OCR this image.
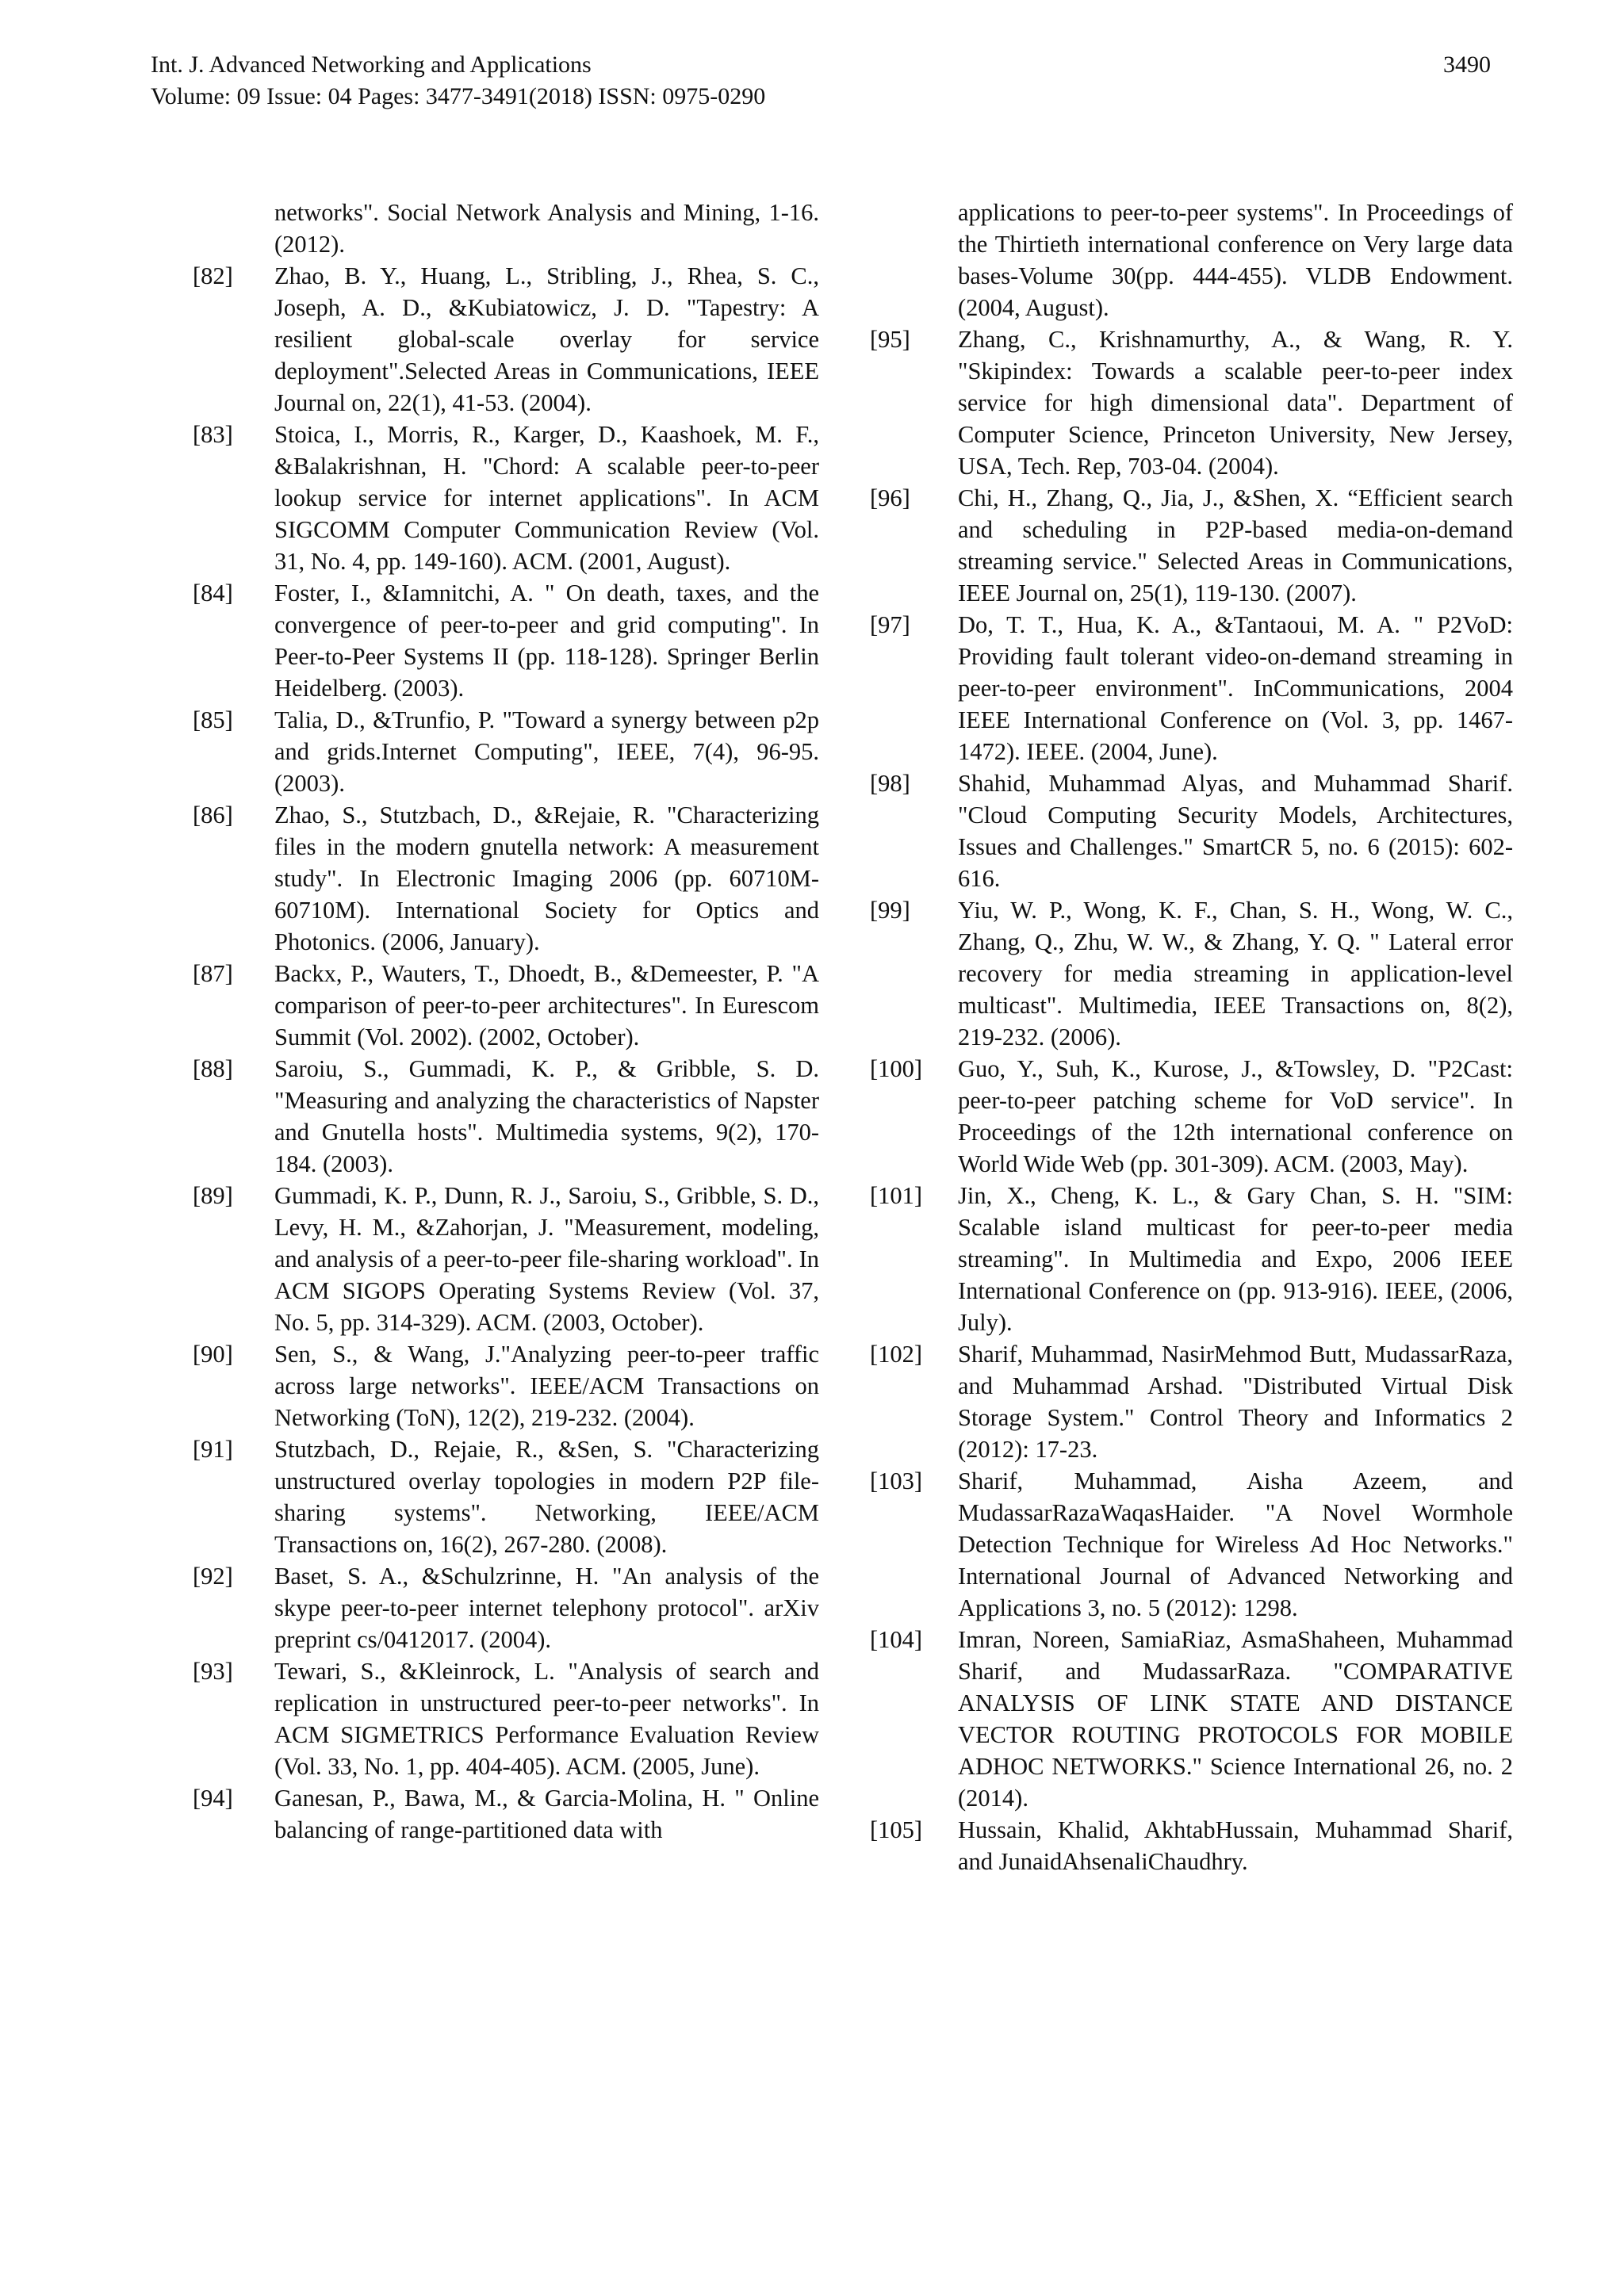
Int. J. Advanced Networking and Applications	3490
Volume: 09 Issue: 04 Pages: 3477-3491(2018) ISSN: 0975-0290
networks". Social Network Analysis and Mining, 1-16. (2012).
[82]	Zhao, B. Y., Huang, L., Stribling, J., Rhea, S. C., Joseph, A. D., &Kubiatowicz, J. D. "Tapestry: A resilient global-scale overlay for service deployment".Selected Areas in Communications, IEEE Journal on, 22(1), 41-53. (2004).
[83]	Stoica, I., Morris, R., Karger, D., Kaashoek, M. F., &Balakrishnan, H. "Chord: A scalable peer-to-peer lookup service for internet applications". In ACM SIGCOMM Computer Communication Review (Vol. 31, No. 4, pp. 149-160). ACM. (2001, August).
[84]	Foster, I., &Iamnitchi, A. " On death, taxes, and the convergence of peer-to-peer and grid computing". In Peer-to-Peer Systems II (pp. 118-128). Springer Berlin Heidelberg. (2003).
[85]	Talia, D., &Trunfio, P. "Toward a synergy between p2p and grids.Internet Computing", IEEE, 7(4), 96-95. (2003).
[86]	Zhao, S., Stutzbach, D., &Rejaie, R. "Characterizing files in the modern gnutella network: A measurement study". In Electronic Imaging 2006 (pp. 60710M-60710M). International Society for Optics and Photonics. (2006, January).
[87]	Backx, P., Wauters, T., Dhoedt, B., &Demeester, P. "A comparison of peer-to-peer architectures". In Eurescom Summit (Vol. 2002). (2002, October).
[88]	Saroiu, S., Gummadi, K. P., & Gribble, S. D. "Measuring and analyzing the characteristics of Napster and Gnutella hosts". Multimedia systems, 9(2), 170-184. (2003).
[89]	Gummadi, K. P., Dunn, R. J., Saroiu, S., Gribble, S. D., Levy, H. M., &Zahorjan, J. "Measurement, modeling, and analysis of a peer-to-peer file-sharing workload". In ACM SIGOPS Operating Systems Review (Vol. 37, No. 5, pp. 314-329). ACM. (2003, October).
[90]	Sen, S., & Wang, J."Analyzing peer-to-peer traffic across large networks". IEEE/ACM Transactions on Networking (ToN), 12(2), 219-232. (2004).
[91]	Stutzbach, D., Rejaie, R., &Sen, S. "Characterizing unstructured overlay topologies in modern P2P file-sharing systems". Networking, IEEE/ACM Transactions on, 16(2), 267-280. (2008).
[92]	Baset, S. A., &Schulzrinne, H. "An analysis of the skype peer-to-peer internet telephony protocol". arXiv preprint cs/0412017. (2004).
[93]	Tewari, S., &Kleinrock, L. "Analysis of search and replication in unstructured peer-to-peer networks". In ACM SIGMETRICS Performance Evaluation Review (Vol. 33, No. 1, pp. 404-405). ACM. (2005, June).
[94]	Ganesan, P., Bawa, M., & Garcia-Molina, H. " Online balancing of range-partitioned data with
applications to peer-to-peer systems". In Proceedings of the Thirtieth international conference on Very large data bases-Volume 30(pp. 444-455). VLDB Endowment. (2004, August).
[95]	Zhang, C., Krishnamurthy, A., & Wang, R. Y. "Skipindex: Towards a scalable peer-to-peer index service for high dimensional data". Department of Computer Science, Princeton University, New Jersey, USA, Tech. Rep, 703-04. (2004).
[96]	Chi, H., Zhang, Q., Jia, J., &Shen, X. “Efficient search and scheduling in P2P-based media-on-demand streaming service." Selected Areas in Communications, IEEE Journal on, 25(1), 119-130. (2007).
[97]	Do, T. T., Hua, K. A., &Tantaoui, M. A. " P2VoD: Providing fault tolerant video-on-demand streaming in peer-to-peer environment". InCommunications, 2004 IEEE International Conference on (Vol. 3, pp. 1467-1472). IEEE. (2004, June).
[98]	Shahid, Muhammad Alyas, and Muhammad Sharif. "Cloud Computing Security Models, Architectures, Issues and Challenges." SmartCR 5, no. 6 (2015): 602-616.
[99]	Yiu, W. P., Wong, K. F., Chan, S. H., Wong, W. C., Zhang, Q., Zhu, W. W., & Zhang, Y. Q. " Lateral error recovery for media streaming in application-level multicast". Multimedia, IEEE Transactions on, 8(2), 219-232. (2006).
[100]	Guo, Y., Suh, K., Kurose, J., &Towsley, D. "P2Cast: peer-to-peer patching scheme for VoD service". In Proceedings of the 12th international conference on World Wide Web (pp. 301-309). ACM. (2003, May).
[101]	Jin, X., Cheng, K. L., & Gary Chan, S. H. "SIM: Scalable island multicast for peer-to-peer media streaming". In Multimedia and Expo, 2006 IEEE International Conference on (pp. 913-916). IEEE, (2006, July).
[102]	Sharif, Muhammad, NasirMehmod Butt, MudassarRaza, and Muhammad Arshad. "Distributed Virtual Disk Storage System." Control Theory and Informatics 2 (2012): 17-23.
[103]	Sharif, Muhammad, Aisha Azeem, and MudassarRazaWaqasHaider. "A Novel Wormhole Detection Technique for Wireless Ad Hoc Networks." International Journal of Advanced Networking and Applications 3, no. 5 (2012): 1298.
[104]	Imran, Noreen, SamiaRiaz, AsmaShaheen, Muhammad Sharif, and MudassarRaza. "COMPARATIVE ANALYSIS OF LINK STATE AND DISTANCE VECTOR ROUTING PROTOCOLS FOR MOBILE ADHOC NETWORKS." Science International 26, no. 2 (2014).
[105]	Hussain, Khalid, AkhtabHussain, Muhammad Sharif, and JunaidAhsenaliChaudhry.
